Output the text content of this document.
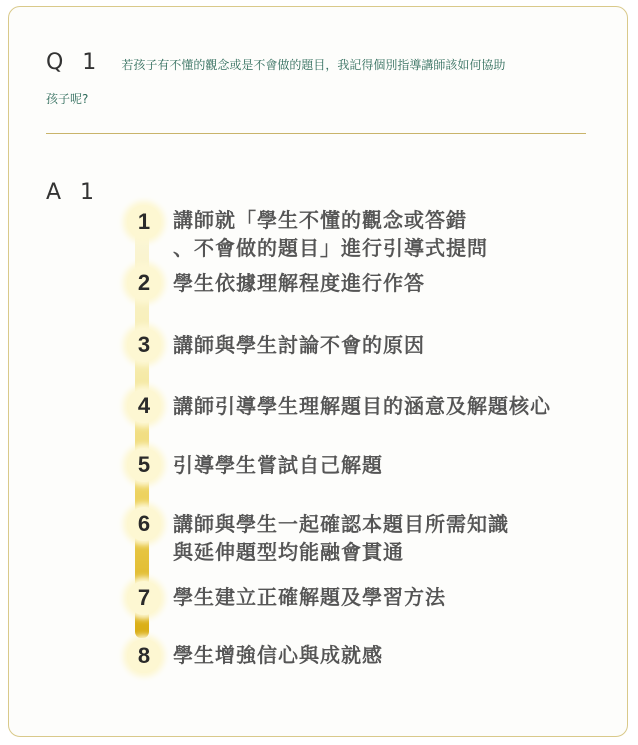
Q 1 若孩子有不懂的觀念或是不會做的題目，我記得個別指導講師該如何協助
孩子呢?
A 1
1	講師就「學生不懂的觀念或答錯
、不會做的題目」進行引導式提問
2	學生依據理解程度進行作答
3	講師與學生討論不會的原因
4	講師引導學生理解題目的涵意及解題核心
5	引導學生嘗試自己解題
6	講師與學生一起確認本題目所需知識
與延伸題型均能融會貫通
7	學生建立正確解題及學習方法
8	學生增強信心與成就感
